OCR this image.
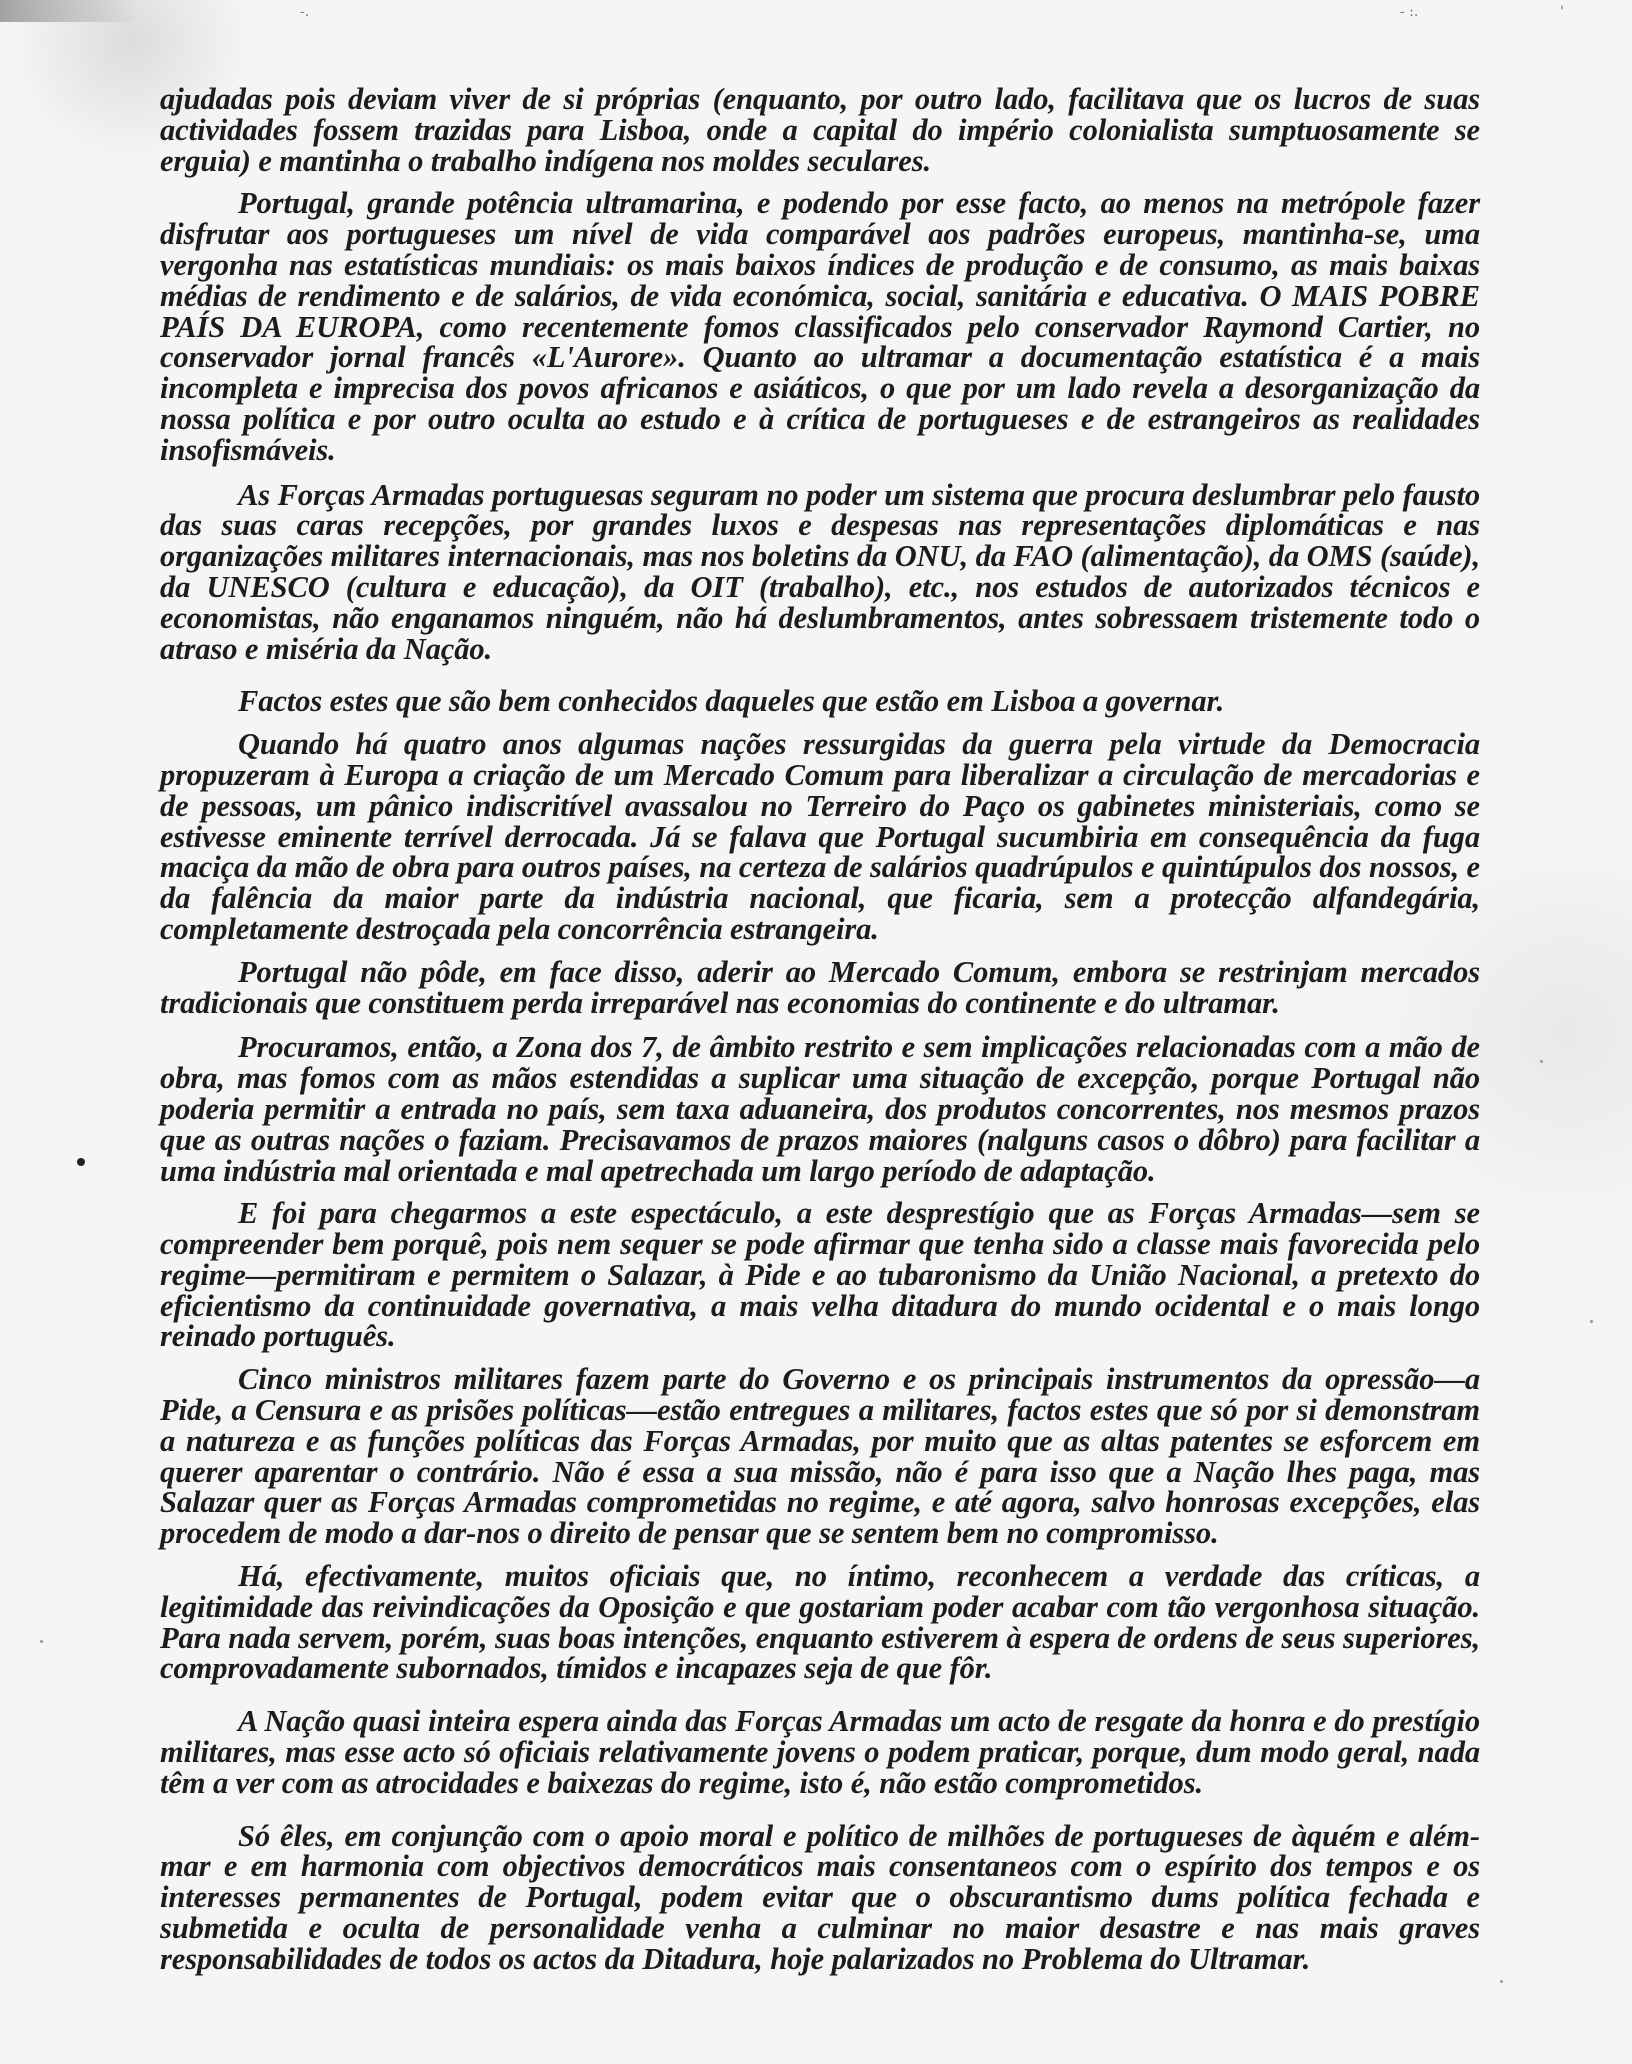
-.	- :.	'

ajudadas pois deviam viver de si próprias (enquanto, por outro lado, facilitava que os lucros de suas actividades fossem trazidas para Lisboa, onde a capital do império colonialista sumptuosamente se erguia) e mantinha o trabalho indígena nos moldes seculares.

Portugal, grande potência ultramarina, e podendo por esse facto, ao menos na metrópole fazer disfrutar aos portugueses um nível de vida comparável aos padrões europeus, mantinha-se, uma vergonha nas estatísticas mundiais: os mais baixos índices de produção e de consumo, as mais baixas médias de rendimento e de salários, de vida económica, social, sanitária e educativa. O MAIS POBRE PAÍS DA EUROPA, como recentemente fomos classificados pelo conservador Raymond Cartier, no conservador jornal francês «L'Aurore». Quanto ao ultramar a documentação estatística é a mais incompleta e imprecisa dos povos africanos e asiáticos, o que por um lado revela a desorganização da nossa política e por outro oculta ao estudo e à crítica de portugueses e de estrangeiros as realidades insofismáveis.

As Forças Armadas portuguesas seguram no poder um sistema que procura deslumbrar pelo fausto das suas caras recepções, por grandes luxos e despesas nas representações diplomáticas e nas organizações militares internacionais, mas nos boletins da ONU, da FAO (alimentação), da OMS (saúde), da UNESCO (cultura e educação), da OIT (trabalho), etc., nos estudos de autorizados técnicos e economistas, não enganamos ninguém, não há deslumbramentos, antes sobressaem tristemente todo o atraso e miséria da Nação.

Factos estes que são bem conhecidos daqueles que estão em Lisboa a governar.

Quando há quatro anos algumas nações ressurgidas da guerra pela virtude da Democracia propuzeram à Europa a criação de um Mercado Comum para liberalizar a circulação de mercadorias e de pessoas, um pânico indiscritível avassalou no Terreiro do Paço os gabinetes ministeriais, como se estivesse eminente terrível derrocada. Já se falava que Portugal sucumbiria em consequência da fuga maciça da mão de obra para outros países, na certeza de salários quadrúpulos e quintúpulos dos nossos, e da falência da maior parte da indústria nacional, que ficaria, sem a protecção alfandegária, completamente destroçada pela concorrência estrangeira.

Portugal não pôde, em face disso, aderir ao Mercado Comum, embora se restrinjam mercados tradicionais que constituem perda irreparável nas economias do continente e do ultramar.

Procuramos, então, a Zona dos 7, de âmbito restrito e sem implicações relacionadas com a mão de obra, mas fomos com as mãos estendidas a suplicar uma situação de excepção, porque Portugal não poderia permitir a entrada no país, sem taxa aduaneira, dos produtos concorrentes, nos mesmos prazos que as outras nações o faziam. Precisavamos de prazos maiores (nalguns casos o dôbro) para facilitar a uma indústria mal orientada e mal apetrechada um largo período de adaptação.

E foi para chegarmos a este espectáculo, a este desprestígio que as Forças Armadas—sem se compreender bem porquê, pois nem sequer se pode afirmar que tenha sido a classe mais favorecida pelo regime—permitiram e permitem o Salazar, à Pide e ao tubaronismo da União Nacional, a pretexto do eficientismo da continuidade governativa, a mais velha ditadura do mundo ocidental e o mais longo reinado português.

Cinco ministros militares fazem parte do Governo e os principais instrumentos da opressão—a Pide, a Censura e as prisões políticas—estão entregues a militares, factos estes que só por si demonstram a natureza e as funções políticas das Forças Armadas, por muito que as altas patentes se esforcem em querer aparentar o contrário. Não é essa a sua missão, não é para isso que a Nação lhes paga, mas Salazar quer as Forças Armadas comprometidas no regime, e até agora, salvo honrosas excepções, elas procedem de modo a dar-nos o direito de pensar que se sentem bem no compromisso.

Há, efectivamente, muitos oficiais que, no íntimo, reconhecem a verdade das críticas, a legitimidade das reivindicações da Oposição e que gostariam poder acabar com tão vergonhosa situação. Para nada servem, porém, suas boas intenções, enquanto estiverem à espera de ordens de seus superiores, comprovadamente subornados, tímidos e incapazes seja de que fôr.

A Nação quasi inteira espera ainda das Forças Armadas um acto de resgate da honra e do prestígio militares, mas esse acto só oficiais relativamente jovens o podem praticar, porque, dum modo geral, nada têm a ver com as atrocidades e baixezas do regime, isto é, não estão comprometidos.

Só êles, em conjunção com o apoio moral e político de milhões de portugueses de àquém e além-mar e em harmonia com objectivos democráticos mais consentaneos com o espírito dos tempos e os interesses permanentes de Portugal, podem evitar que o obscurantismo dums política fechada e submetida e oculta de personalidade venha a culminar no maior desastre e nas mais graves responsabilidades de todos os actos da Ditadura, hoje palarizados no Problema do Ultramar.
